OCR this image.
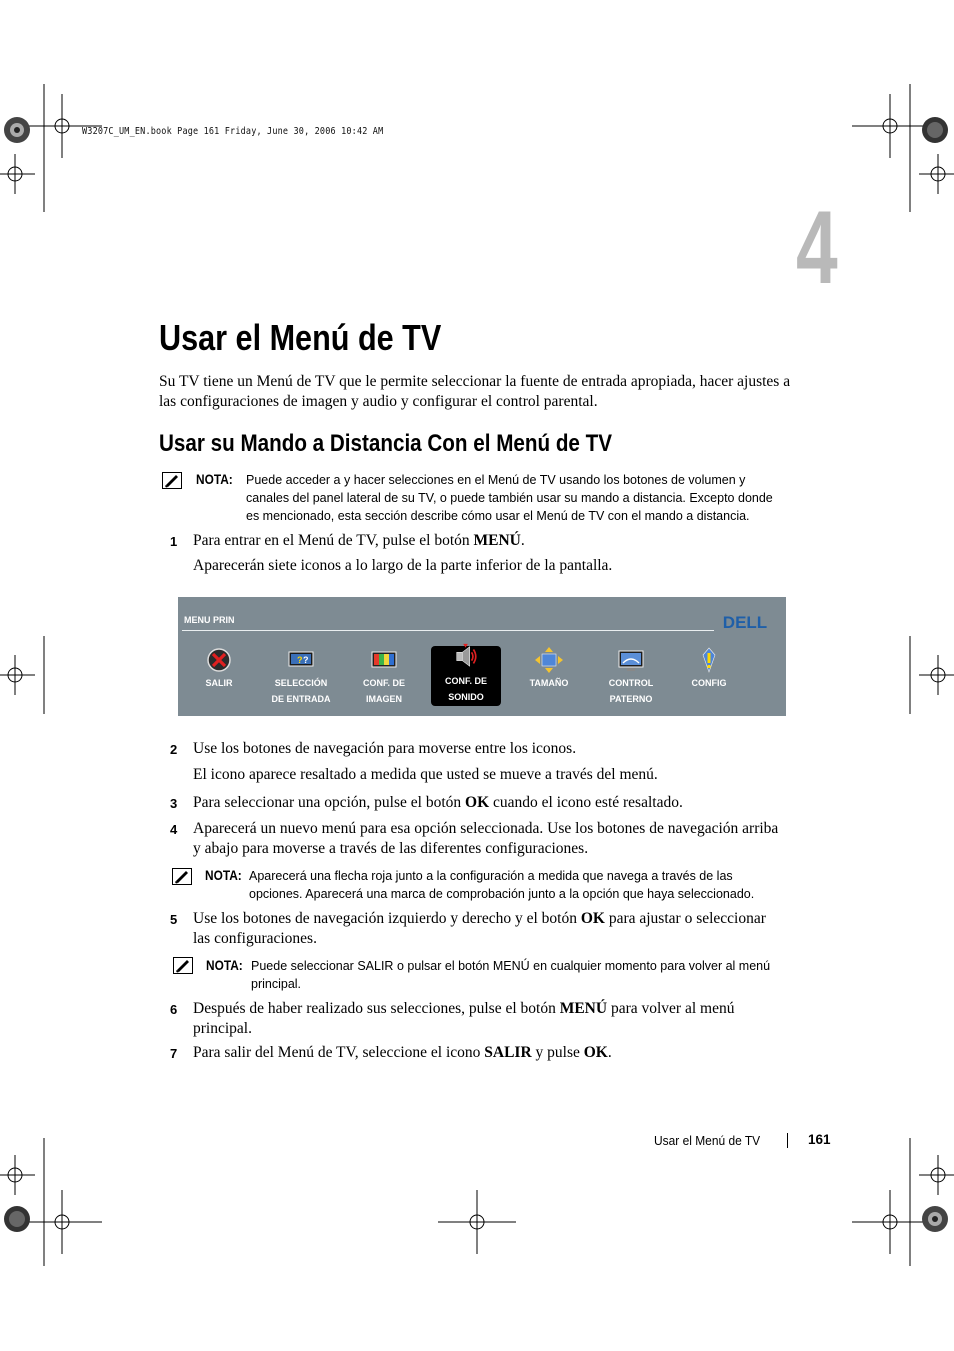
W3207C_UM_EN.book Page 161 Friday, June 30, 2006 10:42 AM
4
Usar el Menú de TV
Su TV tiene un Menú de TV que le permite seleccionar la fuente de entrada apropiada, hacer ajustes a las configuraciones de imagen y audio y configurar el control parental.
Usar su Mando a Distancia Con el Menú de TV
NOTA: Puede acceder a y hacer selecciones en el Menú de TV usando los botones de volumen y
canales del panel lateral de su TV, o puede también usar su mando a distancia. Excepto donde
es mencionado, esta sección describe cómo usar el Menú de TV con el mando a distancia.
1	Para entrar en el Menú de TV, pulse el botón MENÚ.
Aparecerán siete iconos a lo largo de la parte inferior de la pantalla.
MENU PRIN	DELL
SALIR
? ?
SELECCIÓN
DE ENTRADA
CONF. DE
IMAGEN
CONF. DE
SONIDO
TAMAÑO	CONTROL
PATERNO
CONFIG
2	Use los botones de navegación para moverse entre los iconos.
El icono aparece resaltado a medida que usted se mueve a través del menú.
3	Para seleccionar una opción, pulse el botón OK cuando el icono esté resaltado.
4	Aparecerá un nuevo menú para esa opción seleccionada. Use los botones de navegación arriba
y abajo para moverse a través de las diferentes configuraciones.
NOTA: Aparecerá una flecha roja junto a la configuración a medida que navega a través de las
opciones. Aparecerá una marca de comprobación junto a la opción que haya seleccionado.
5	Use los botones de navegación izquierdo y derecho y el botón OK para ajustar o seleccionar
las configuraciones.
NOTA: Puede seleccionar SALIR o pulsar el botón MENÚ en cualquier momento para volver al menú
principal.
6	Después de haber realizado sus selecciones, pulse el botón MENÚ para volver al menú
principal.
7	Para salir del Menú de TV, seleccione el icono SALIR y pulse OK.
Usar el Menú de TV	161
